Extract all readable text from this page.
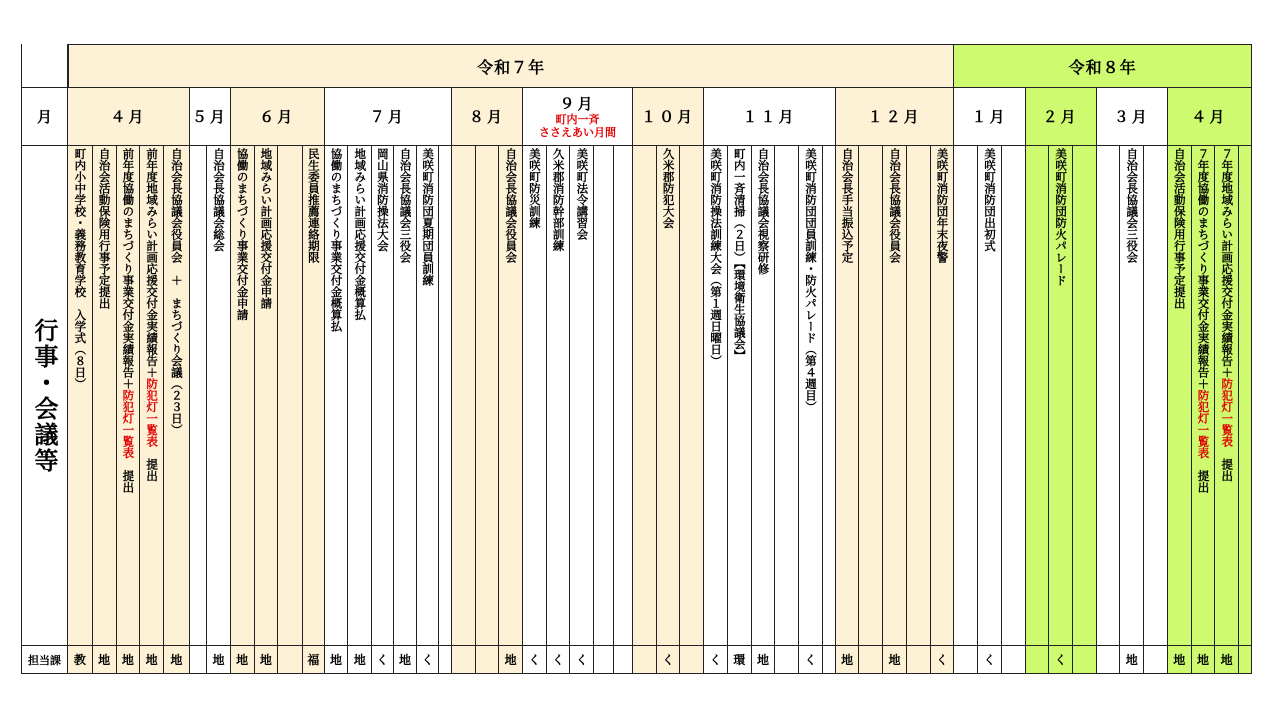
月
行事・会議等
担当課
４月
町内小中学校・義務教育学校　入学式（８日）
教
自治会活動保険用行事予定提出
地
前年度協働のまちづくり事業交付金実績報告＋防犯灯一覧表　提出
地
前年度地域みらい計画応援交付金実績報告＋防犯灯一覧表　提出
地
自治会長協議会役員会　＋　まちづくり会議（２３日）
地
５月
自治会長協議会総会
地
６月
協働のまちづくり事業交付金申請
地
地域みらい計画応援交付金申請
地
民生委員推薦連絡期限
福
７月
協働のまちづくり事業交付金概算払
地
地域みらい計画応援交付金概算払
地
岡山県消防操法大会
く
自治会長協議会三役会
地
美咲町消防団夏期団員訓練
く
８月
自治会長協議会役員会
地
９月
町内一斉
ささえあい月間
美咲町防災訓練
く
久米郡消防幹部訓練
く
美咲町法令講習会
く
１０月
久米郡防犯大会
く
１１月
美咲町消防操法訓練大会（第１週日曜日）
く
町内一斉清掃（２日）【環境衛生協議会】
環
自治会長協議会視察研修
地
美咲町消防団団員訓練・防火パレード（第４週目）
く
１２月
自治会長手当振込予定
地
自治会長協議会役員会
地
美咲町消防団年末夜警
く
１月
美咲町消防団出初式
く
２月
美咲町消防団防火パレード
く
３月
自治会長協議会三役会
地
４月
自治会活動保険用行事予定提出
地
７年度協働のまちづくり事業交付金実績報告＋防犯灯一覧表　提出
地
７年度地域みらい計画応援交付金実績報告＋防犯灯一覧表　提出
地
令和７年	令和８年
